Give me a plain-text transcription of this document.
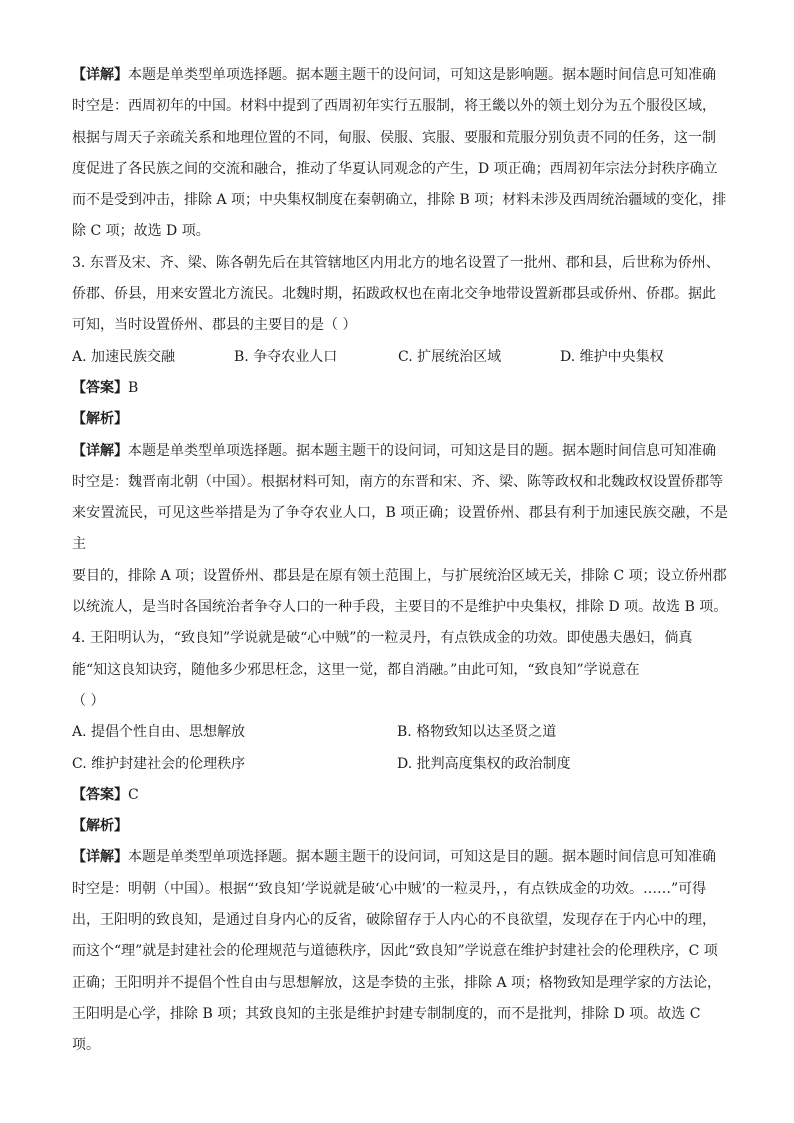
【详解】本题是单类型单项选择题。据本题主题干的设问词，可知这是影响题。据本题时间信息可知准确
时空是：西周初年的中国。材料中提到了西周初年实行五服制，将王畿以外的领土划分为五个服役区域，
根据与周天子亲疏关系和地理位置的不同，甸服、侯服、宾服、要服和荒服分别负责不同的任务，这一制
度促进了各民族之间的交流和融合，推动了华夏认同观念的产生，D 项正确；西周初年宗法分封秩序确立
而不是受到冲击，排除 A 项；中央集权制度在秦朝确立，排除 B 项；材料未涉及西周统治疆域的变化，排
除 C 项；故选 D 项。

3. 东晋及宋、齐、梁、陈各朝先后在其管辖地区内用北方的地名设置了一批州、郡和县，后世称为侨州、
侨郡、侨县，用来安置北方流民。北魏时期，拓跋政权也在南北交争地带设置新郡县或侨州、侨郡。据此
可知，当时设置侨州、郡县的主要目的是（ ）

A. 加速民族交融	B. 争夺农业人口	C. 扩展统治区域	D. 维护中央集权

【答案】B

【解析】

【详解】本题是单类型单项选择题。据本题主题干的设问词，可知这是目的题。据本题时间信息可知准确
时空是：魏晋南北朝（中国）。根据材料可知，南方的东晋和宋、齐、梁、陈等政权和北魏政权设置侨郡等
来安置流民，可见这些举措是为了争夺农业人口，B 项正确；设置侨州、郡县有利于加速民族交融，不是主
要目的，排除 A 项；设置侨州、郡县是在原有领土范围上，与扩展统治区域无关，排除 C 项；设立侨州郡
以统流人，是当时各国统治者争夺人口的一种手段，主要目的不是维护中央集权，排除 D 项。故选 B 项。

4. 王阳明认为，“致良知”学说就是破“心中贼”的一粒灵丹，有点铁成金的功效。即使愚夫愚妇，倘真
能“知这良知诀窍，随他多少邪思枉念，这里一觉，都自消融。”由此可知，“致良知”学说意在
（ ）

A. 提倡个性自由、思想解放	B. 格物致知以达圣贤之道
C. 维护封建社会的伦理秩序	D. 批判高度集权的政治制度

【答案】C

【解析】

【详解】本题是单类型单项选择题。据本题主题干的设问词，可知这是目的题。据本题时间信息可知准确
时空是：明朝（中国）。根据“‘致良知’学说就是破‘心中贼’的一粒灵丹，，有点铁成金的功效。……”可得
出，王阳明的致良知，是通过自身内心的反省，破除留存于人内心的不良欲望，发现存在于内心中的理，
而这个“理”就是封建社会的伦理规范与道德秩序，因此“致良知”学说意在维护封建社会的伦理秩序，C 项
正确；王阳明并不提倡个性自由与思想解放，这是李贽的主张，排除 A 项；格物致知是理学家的方法论，
王阳明是心学，排除 B 项；其致良知的主张是维护封建专制制度的，而不是批判，排除 D 项。故选 C
项。
